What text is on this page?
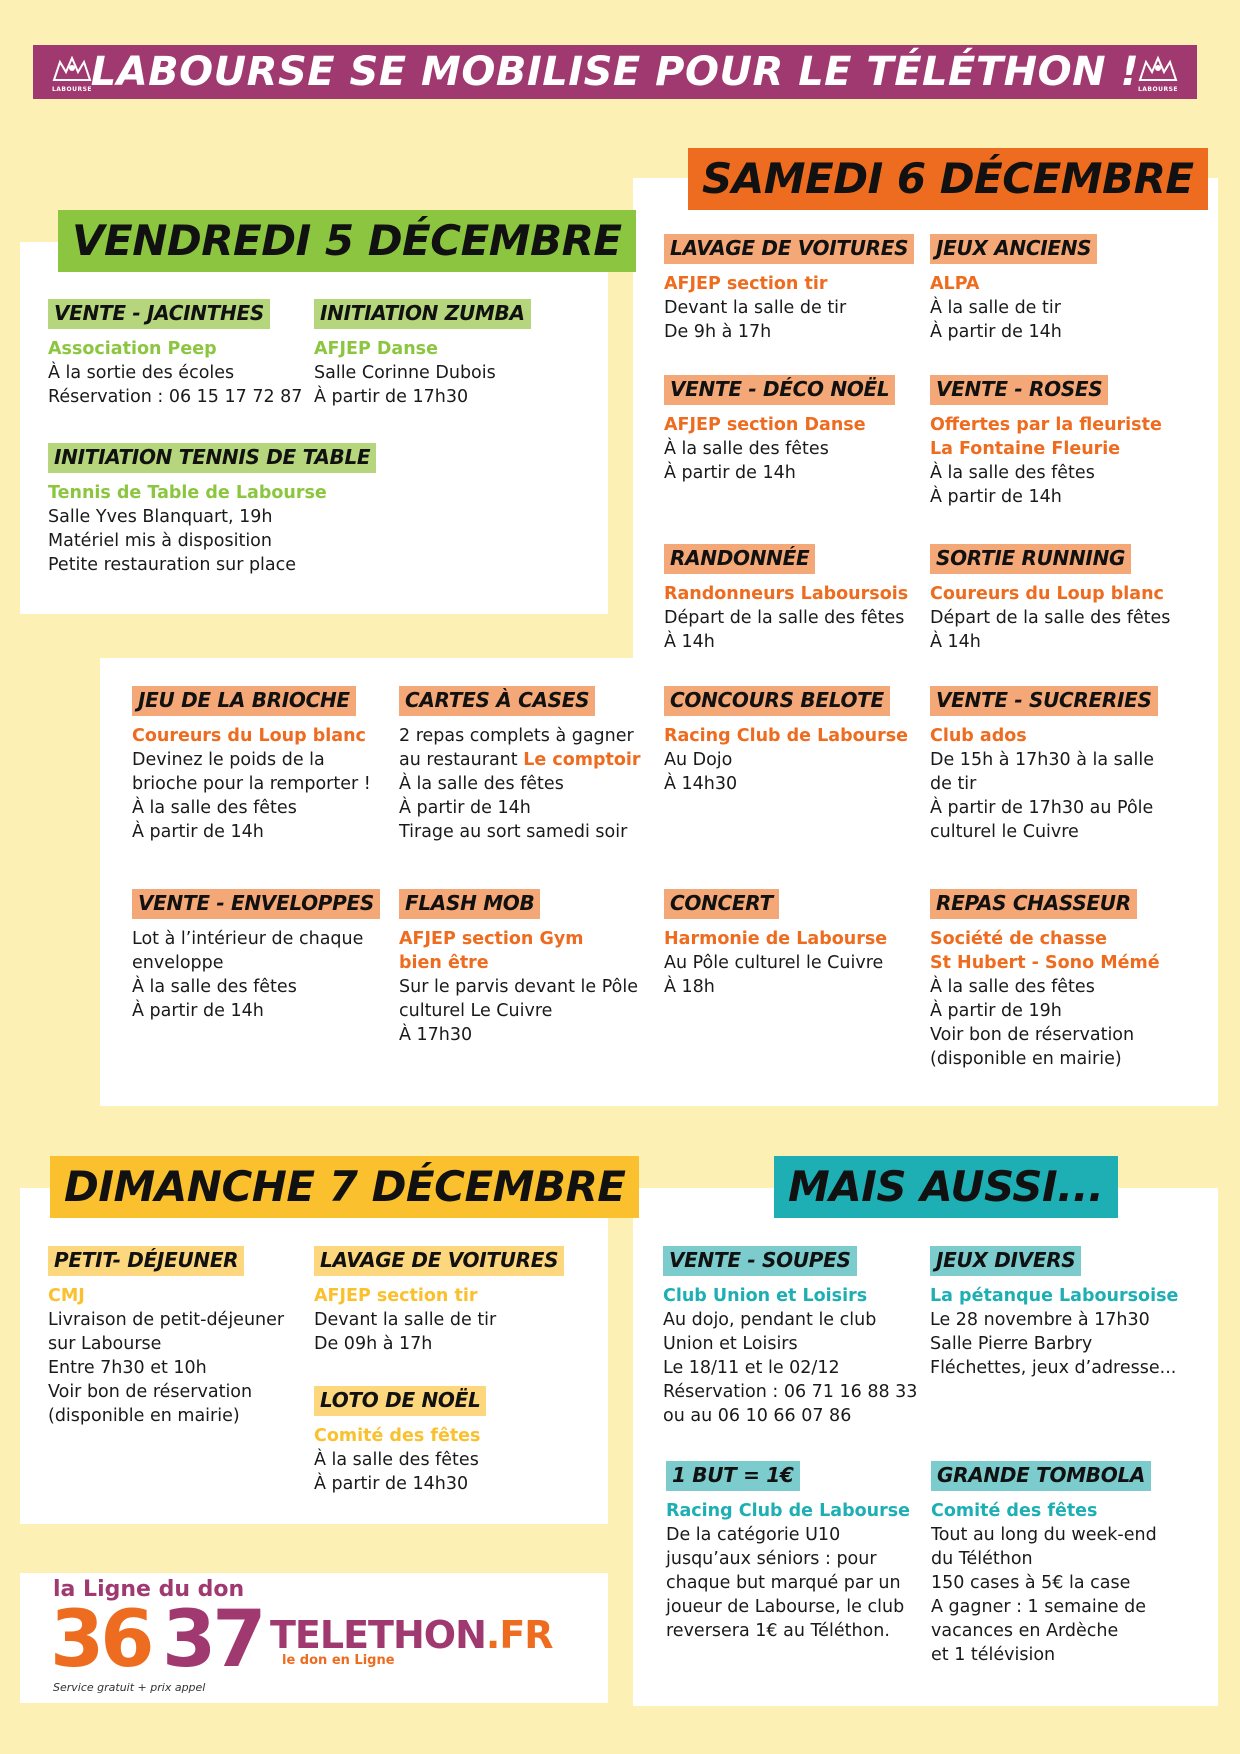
LABOURSE
LABOURSE SE MOBILISE POUR LE TÉLÉTHON !
LABOURSE
VENDREDI 5 DÉCEMBRE
SAMEDI 6 DÉCEMBRE
DIMANCHE 7 DÉCEMBRE	MAIS AUSSI...
VENTE - JACINTHES
Association Peep
À la sortie des écoles
Réservation : 06 15 17 72 87
INITIATION ZUMBA
AFJEP Danse
Salle Corinne Dubois
À partir de 17h30
INITIATION TENNIS DE TABLE
Tennis de Table de Labourse
Salle Yves Blanquart, 19h
Matériel mis à disposition
Petite restauration sur place
LAVAGE DE VOITURES
AFJEP section tir
Devant la salle de tir
De 9h à 17h
JEUX ANCIENS
ALPA
À la salle de tir
À partir de 14h
VENTE - DÉCO NOËL
AFJEP section Danse
À la salle des fêtes
À partir de 14h
VENTE - ROSES
Offertes par la fleuriste
La Fontaine Fleurie
À la salle des fêtes
À partir de 14h
RANDONNÉE
Randonneurs Laboursois
Départ de la salle des fêtes
À 14h
SORTIE RUNNING
Coureurs du Loup blanc
Départ de la salle des fêtes
À 14h
JEU DE LA BRIOCHE
Coureurs du Loup blanc
Devinez le poids de la
brioche pour la remporter !
À la salle des fêtes
À partir de 14h
CARTES À CASES
2 repas complets à gagner
au restaurant Le comptoir
À la salle des fêtes
À partir de 14h
Tirage au sort samedi soir
CONCOURS BELOTE
Racing Club de Labourse
Au Dojo
À 14h30
VENTE - SUCRERIES
Club ados
De 15h à 17h30 à la salle
de tir
À partir de 17h30 au Pôle
culturel le Cuivre
VENTE - ENVELOPPES
Lot à l’intérieur de chaque
enveloppe
À la salle des fêtes
À partir de 14h
FLASH MOB
AFJEP section Gym
bien être
Sur le parvis devant le Pôle
culturel Le Cuivre
À 17h30
CONCERT
Harmonie de Labourse
Au Pôle culturel le Cuivre
À 18h
REPAS CHASSEUR
Société de chasse
St Hubert - Sono Mémé
À la salle des fêtes
À partir de 19h
Voir bon de réservation
(disponible en mairie)
PETIT- DÉJEUNER
CMJ
Livraison de petit-déjeuner
sur Labourse
Entre 7h30 et 10h
Voir bon de réservation
(disponible en mairie)
LAVAGE DE VOITURES
AFJEP section tir
Devant la salle de tir
De 09h à 17h
LOTO DE NOËL
Comité des fêtes
À la salle des fêtes
À partir de 14h30
VENTE - SOUPES
Club Union et Loisirs
Au dojo, pendant le club
Union et Loisirs
Le 18/11 et le 02/12
Réservation : 06 71 16 88 33
ou au 06 10 66 07 86
JEUX DIVERS
La pétanque Laboursoise
Le 28 novembre à 17h30
Salle Pierre Barbry
Fléchettes, jeux d’adresse...
1 BUT = 1€
Racing Club de Labourse
De la catégorie U10
jusqu’aux séniors : pour
chaque but marqué par un
joueur de Labourse, le club
reversera 1€ au Téléthon.
GRANDE TOMBOLA
Comité des fêtes
Tout au long du week-end
du Téléthon
150 cases à 5€ la case
A gagner : 1 semaine de
vacances en Ardèche
et 1 télévision
la Ligne du don
36 37 TELETHON.FR
le don en Ligne
Service gratuit + prix appel
